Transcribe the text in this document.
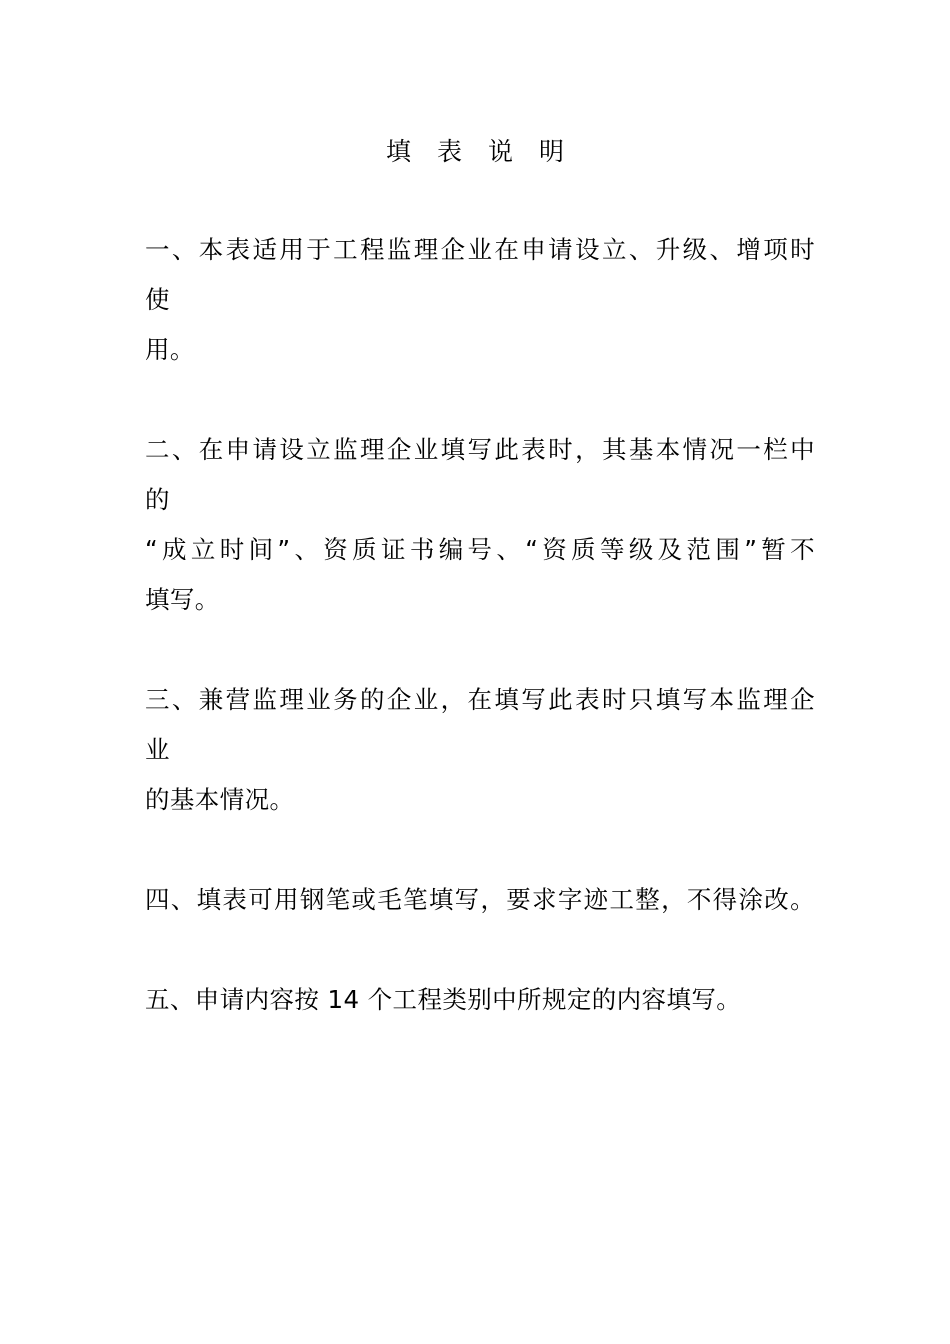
填 表 说 明
一、本表适用于工程监理企业在申请设立、升级、增项时
使
用。
二、在申请设立监理企业填写此表时，其基本情况一栏中
的
“成立时间”、资质证书编号、“资质等级及范围”暂不
填写。
三、兼营监理业务的企业，在填写此表时只填写本监理企
业
的基本情况。
四、填表可用钢笔或毛笔填写，要求字迹工整，不得涂改。
五、申请内容按 14 个工程类别中所规定的内容填写。
